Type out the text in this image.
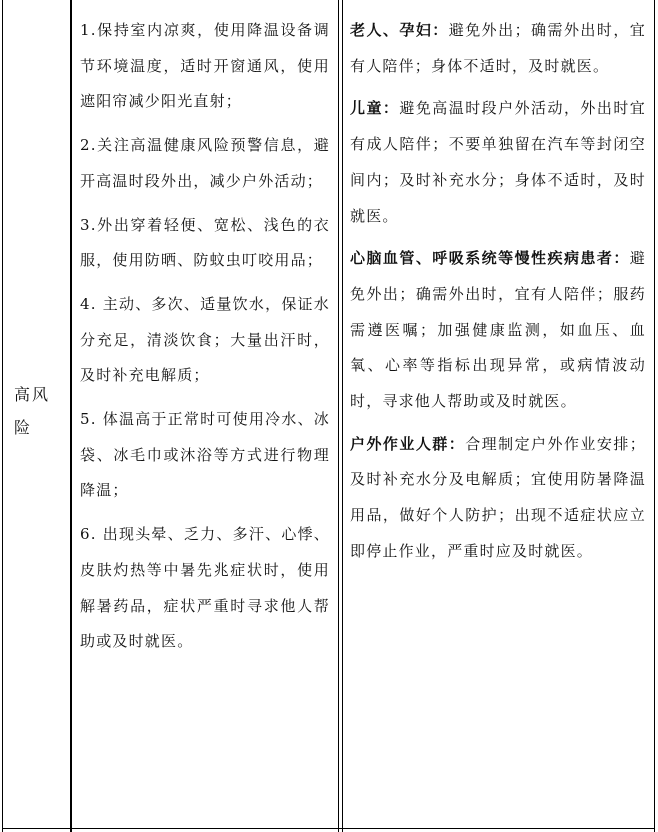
高风险

1.保持室内凉爽，使用降温设备调节环境温度，适时开窗通风，使用遮阳帘减少阳光直射；

2.关注高温健康风险预警信息，避开高温时段外出，减少户外活动；

3.外出穿着轻便、宽松、浅色的衣服，使用防晒、防蚊虫叮咬用品；

4. 主动、多次、适量饮水，保证水分充足，清淡饮食；大量出汗时，及时补充电解质；

5. 体温高于正常时可使用冷水、冰袋、冰毛巾或沐浴等方式进行物理降温；

6. 出现头晕、乏力、多汗、心悸、皮肤灼热等中暑先兆症状时，使用解暑药品，症状严重时寻求他人帮助或及时就医。

老人、孕妇：避免外出；确需外出时，宜有人陪伴；身体不适时，及时就医。

儿童：避免高温时段户外活动，外出时宜有成人陪伴；不要单独留在汽车等封闭空间内；及时补充水分；身体不适时，及时就医。

心脑血管、呼吸系统等慢性疾病患者：避免外出；确需外出时，宜有人陪伴；服药需遵医嘱；加强健康监测，如血压、血氧、心率等指标出现异常，或病情波动时，寻求他人帮助或及时就医。

户外作业人群：合理制定户外作业安排；及时补充水分及电解质；宜使用防暑降温用品，做好个人防护；出现不适症状应立即停止作业，严重时应及时就医。
